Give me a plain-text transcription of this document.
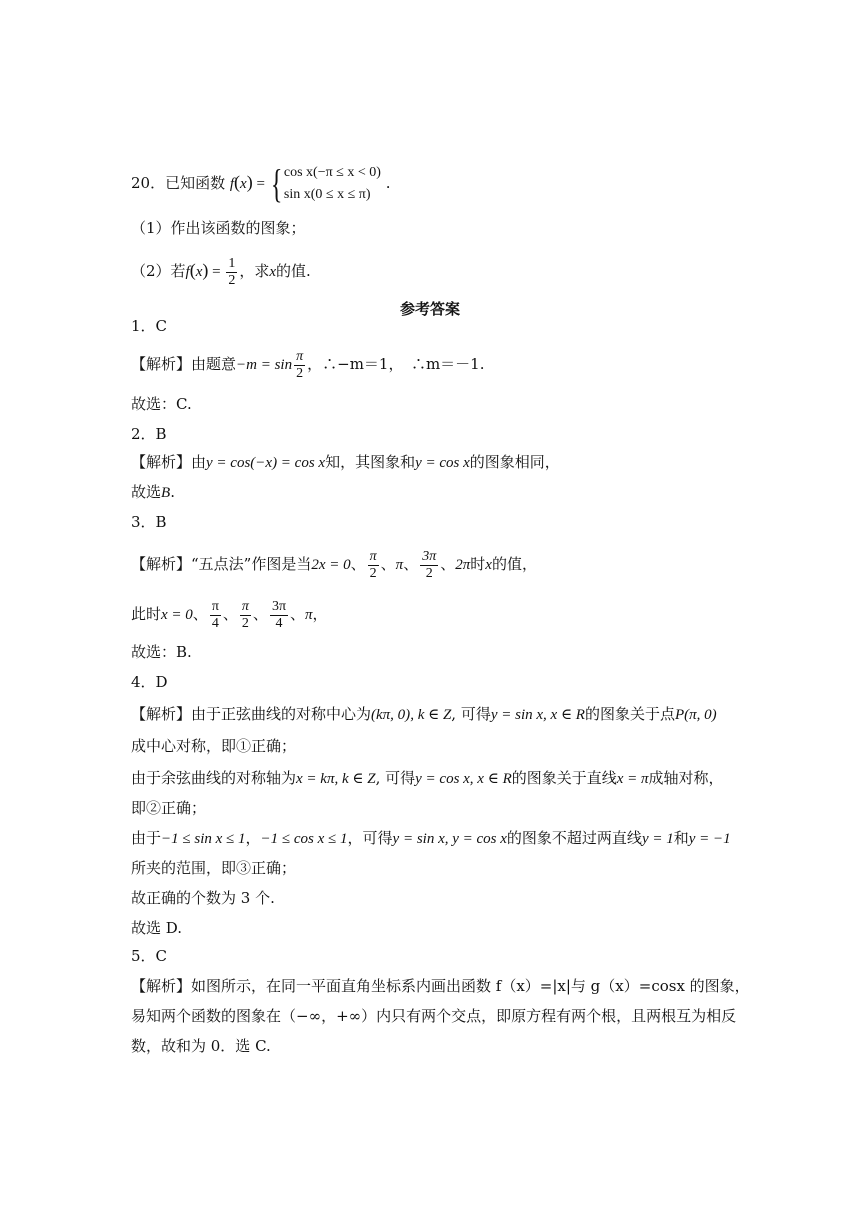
20．已知函数 f(x) = { cos x(−π ≤ x < 0)
sin x(0 ≤ x ≤ π)
.
（1）作出该函数的图象；
（2）若$f(x) = \frac{1}{2}$ ，求x的值.
参考答案
1．C
【解析】由题意$-m = \sin \frac{\pi}{2}$ ，∴−m＝1，　∴m＝－1.
故选：C.
2．B
【解析】由y = cos(−x) = cos x知，其图象和y = cos x的图象相同，
故选B.
3．B
【解析】“五点法”作图是当2x = 0、 $\frac{\pi}{2}$ 、π、 $\frac{3\pi}{2}$ 、2π时x的值，
此时x = 0、 $\frac{\pi}{4}$ 、 $\frac{\pi}{2}$ 、 $\frac{3\pi}{4}$ 、π，
故选：B.
4．D
【解析】由于正弦曲线的对称中心为(kπ, 0), k ∈ Z, 可得y = sin x, x ∈ R的图象关于点P(π, 0)
成中心对称，即①正确；
由于余弦曲线的对称轴为x = kπ, k ∈ Z, 可得y = cos x, x ∈ R的图象关于直线x = π成轴对称，
即②正确；
由于−1 ≤ sin x ≤ 1，−1 ≤ cos x ≤ 1，可得y = sin x, y = cos x的图象不超过两直线y = 1和y = −1
所夹的范围，即③正确；
故正确的个数为 3 个.
故选 D.
5．C
【解析】如图所示，在同一平面直角坐标系内画出函数 f（x）=|x|与 g（x）=cosx 的图象，
易知两个函数的图象在（−∞，+∞）内只有两个交点，即原方程有两个根，且两根互为相反
数，故和为 0．选 C.
